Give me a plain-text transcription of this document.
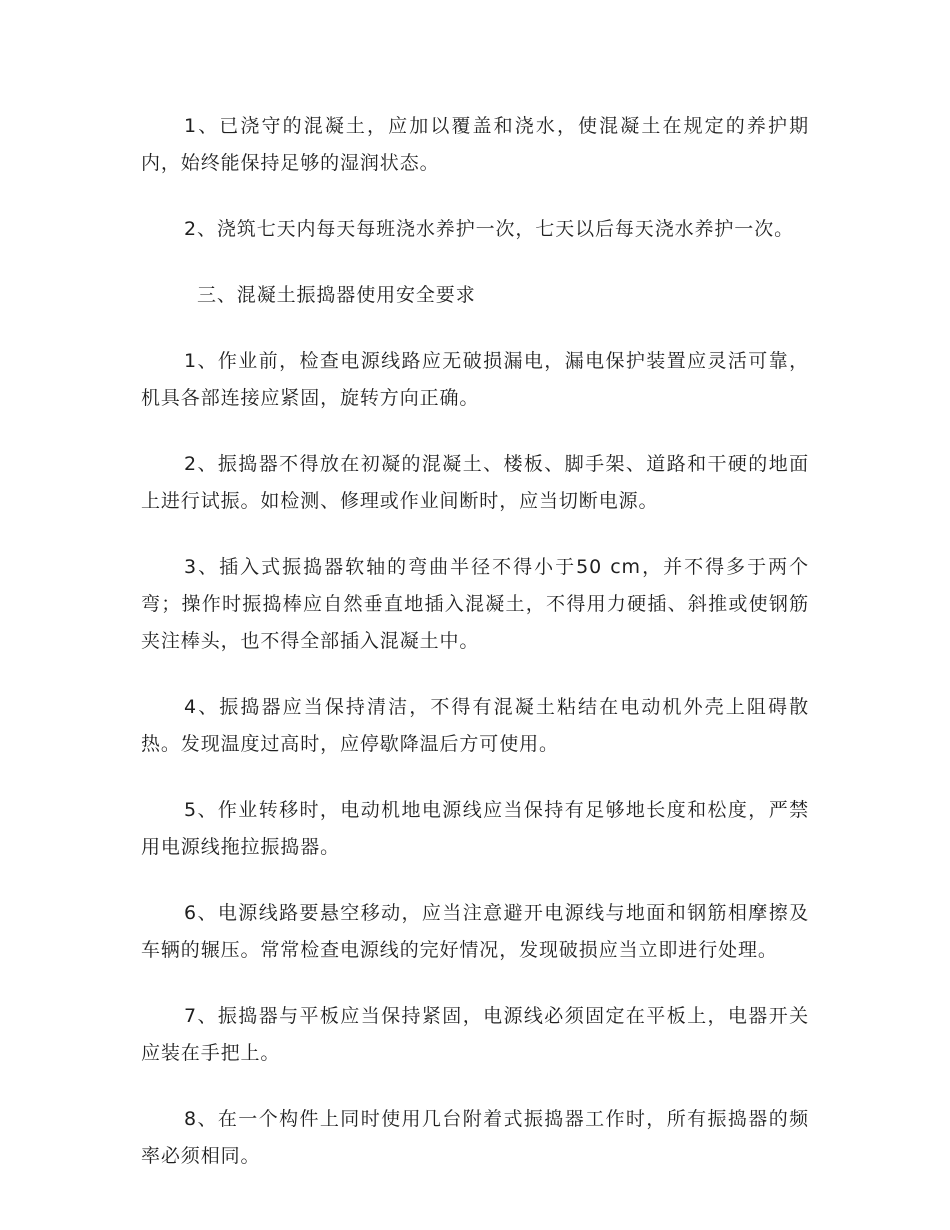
1、已浇守的混凝土，应加以覆盖和浇水，使混凝土在规定的养护期内，始终能保持足够的湿润状态。

2、浇筑七天内每天每班浇水养护一次，七天以后每天浇水养护一次。

三、混凝土振捣器使用安全要求

1、作业前，检查电源线路应无破损漏电，漏电保护装置应灵活可靠，机具各部连接应紧固，旋转方向正确。

2、振捣器不得放在初凝的混凝土、楼板、脚手架、道路和干硬的地面上进行试振。如检测、修理或作业间断时，应当切断电源。

3、插入式振捣器软轴的弯曲半径不得小于50 cm，并不得多于两个弯；操作时振捣棒应自然垂直地插入混凝土，不得用力硬插、斜推或使钢筋夹注棒头，也不得全部插入混凝土中。

4、振捣器应当保持清洁，不得有混凝土粘结在电动机外壳上阻碍散热。发现温度过高时，应停歇降温后方可使用。

5、作业转移时，电动机地电源线应当保持有足够地长度和松度，严禁用电源线拖拉振捣器。

6、电源线路要悬空移动，应当注意避开电源线与地面和钢筋相摩擦及车辆的辗压。常常检查电源线的完好情况，发现破损应当立即进行处理。

7、振捣器与平板应当保持紧固，电源线必须固定在平板上，电器开关应装在手把上。

8、在一个构件上同时使用几台附着式振捣器工作时，所有振捣器的频率必须相同。
